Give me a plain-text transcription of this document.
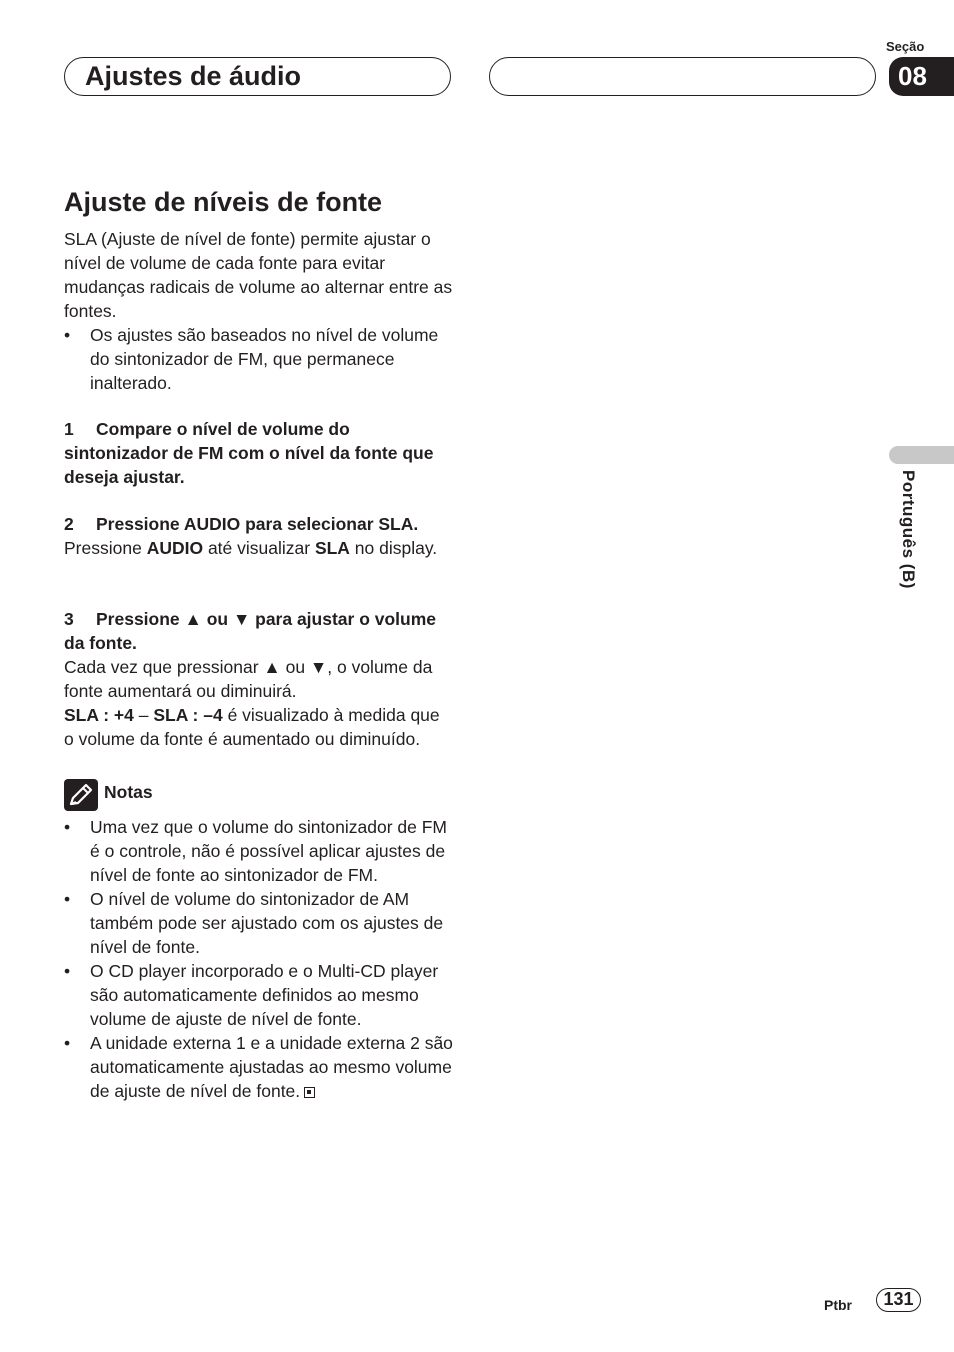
Ajustes de áudio
Seção
08
Ajuste de níveis de fonte

SLA (Ajuste de nível de fonte) permite ajustar o nível de volume de cada fonte para evitar mudanças radicais de volume ao alternar entre as fontes.

• Os ajustes são baseados no nível de volume do sintonizador de FM, que permanece inalterado.

1 Compare o nível de volume do sintonizador de FM com o nível da fonte que deseja ajustar.

2 Pressione AUDIO para selecionar SLA.

Pressione AUDIO até visualizar SLA no display.

3 Pressione ▲ ou ▼ para ajustar o volume da fonte.

Cada vez que pressionar ▲ ou ▼, o volume da fonte aumentará ou diminuirá.

SLA : +4 – SLA : –4 é visualizado à medida que o volume da fonte é aumentado ou diminuído.

Notas

• Uma vez que o volume do sintonizador de FM é o controle, não é possível aplicar ajustes de nível de fonte ao sintonizador de FM.

• O nível de volume do sintonizador de AM também pode ser ajustado com os ajustes de nível de fonte.

• O CD player incorporado e o Multi-CD player são automaticamente definidos ao mesmo volume de ajuste de nível de fonte.

• A unidade externa 1 e a unidade externa 2 são automaticamente ajustadas ao mesmo volume de ajuste de nível de fonte.

Português (B)
Ptbr	131
